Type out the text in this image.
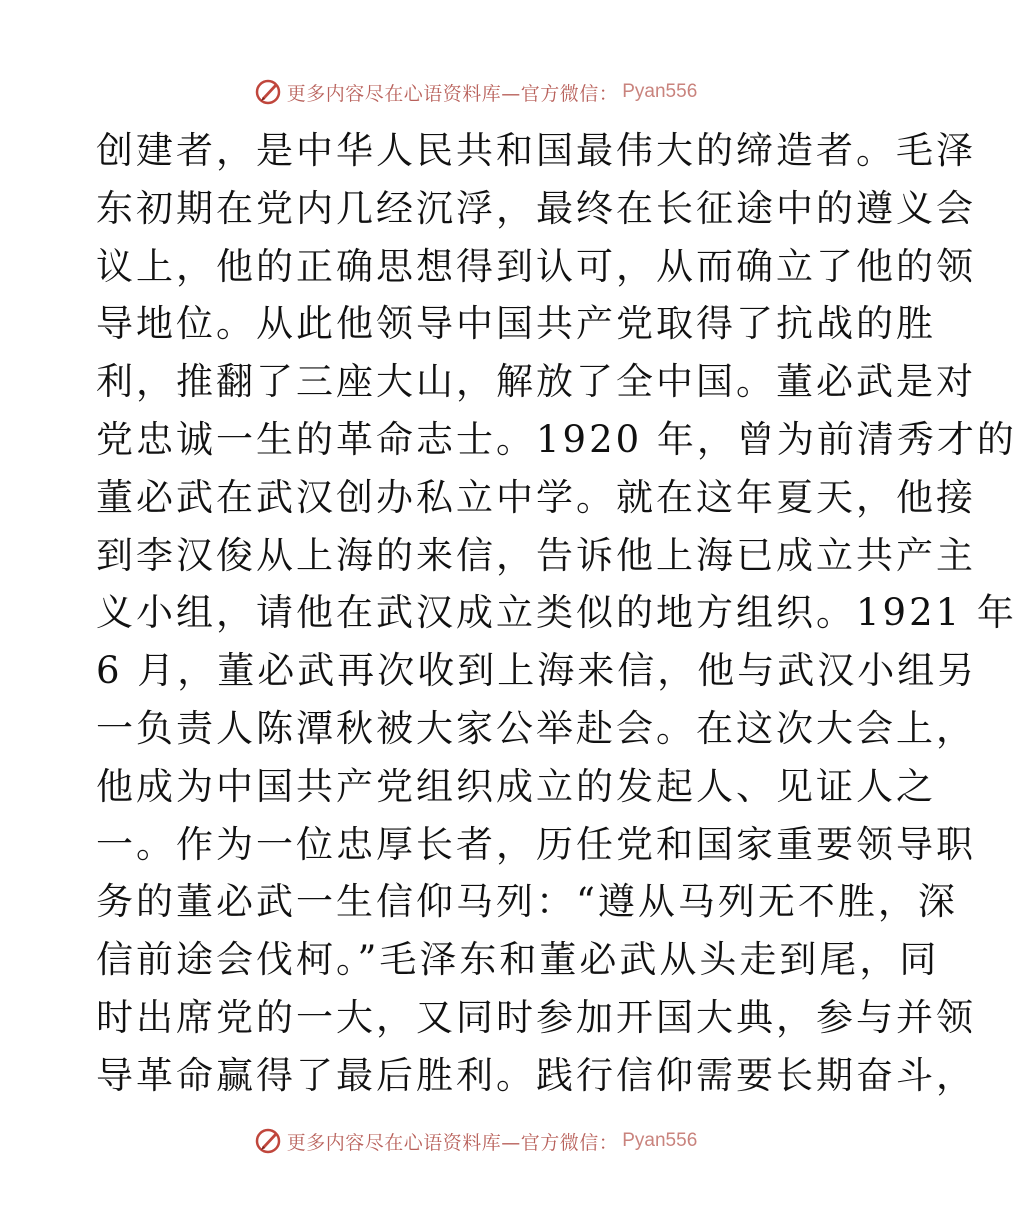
更多内容尽在心语资料库—官方微信： Pyan556
创建者，是中华人民共和国最伟大的缔造者。毛泽
东初期在党内几经沉浮，最终在长征途中的遵义会
议上，他的正确思想得到认可，从而确立了他的领
导地位。从此他领导中国共产党取得了抗战的胜
利，推翻了三座大山，解放了全中国。董必武是对
党忠诚一生的革命志士。1920 年，曾为前清秀才的
董必武在武汉创办私立中学。就在这年夏天，他接
到李汉俊从上海的来信，告诉他上海已成立共产主
义小组，请他在武汉成立类似的地方组织。1921 年
6 月，董必武再次收到上海来信，他与武汉小组另
一负责人陈潭秋被大家公举赴会。在这次大会上，
他成为中国共产党组织成立的发起人、见证人之
一。作为一位忠厚长者，历任党和国家重要领导职
务的董必武一生信仰马列：“遵从马列无不胜，深
信前途会伐柯。”毛泽东和董必武从头走到尾，同
时出席党的一大，又同时参加开国大典，参与并领
导革命赢得了最后胜利。践行信仰需要长期奋斗，
更多内容尽在心语资料库—官方微信： Pyan556
